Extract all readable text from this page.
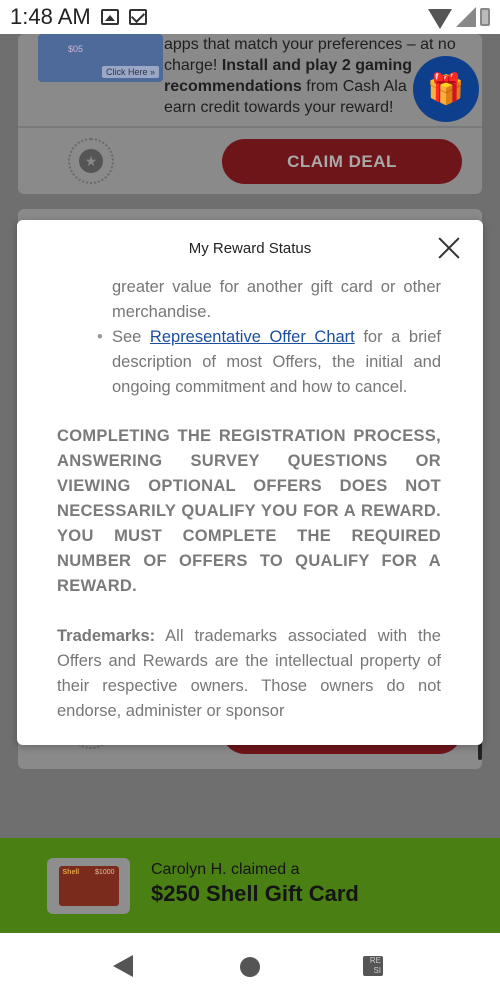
1:48 AM
$05
Click Here »
apps that match your preferences – at no
charge! Install and play 2 gaming
recommendations from Cash Ala
earn credit towards your reward!
★	CLAIM DEAL
🎁
Shell $1000 Carolyn H. claimed a
$250 Shell Gift Card
RE SI
My Reward Status
• greater value for another gift card or other merchandise.
• See Representative Offer Chart for a brief description of most Offers, the initial and ongoing commitment and how to cancel.

COMPLETING THE REGISTRATION PROCESS, ANSWERING SURVEY QUESTIONS OR VIEWING OPTIONAL OFFERS DOES NOT NECESSARILY QUALIFY YOU FOR A REWARD. YOU MUST COMPLETE THE REQUIRED NUMBER OF OFFERS TO QUALIFY FOR A REWARD.

Trademarks: All trademarks associated with the Offers and Rewards are the intellectual property of their respective owners. Those owners do not endorse, administer or sponsor
